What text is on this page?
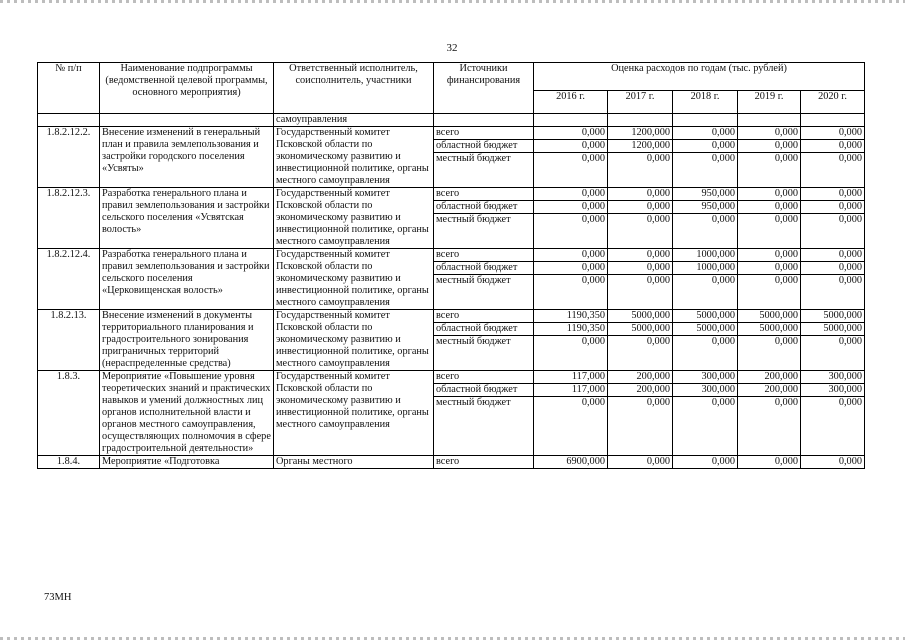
32
№ п/п	Наименование подпрограммы (ведомственной целевой программы, основного мероприятия)	Ответственный исполнитель, соисполнитель, участники	Источники финансирования	Оценка расходов по годам (тыс. рублей)				
				2016 г.	2017 г.	2018 г.	2019 г.	2020 г.
		самоуправления						
1.8.2.12.2.	Внесение изменений в генеральный план и правила землепользования и застройки городского поселения «Усвяты»	Государственный комитет Псковской области по экономическому развитию и инвестиционной политике, органы местного самоуправления	всего	0,000	1200,000	0,000	0,000	0,000
			областной бюджет	0,000	1200,000	0,000	0,000	0,000
			местный бюджет	0,000	0,000	0,000	0,000	0,000
1.8.2.12.3.	Разработка генерального плана и правил землепользования и застройки сельского поселения «Усвятская волость»	Государственный комитет Псковской области по экономическому развитию и инвестиционной политике, органы местного самоуправления	всего	0,000	0,000	950,000	0,000	0,000
			областной бюджет	0,000	0,000	950,000	0,000	0,000
			местный бюджет	0,000	0,000	0,000	0,000	0,000
1.8.2.12.4.	Разработка генерального плана и правил землепользования и застройки сельского поселения «Церковищенская волость»	Государственный комитет Псковской области по экономическому развитию и инвестиционной политике, органы местного самоуправления	всего	0,000	0,000	1000,000	0,000	0,000
			областной бюджет	0,000	0,000	1000,000	0,000	0,000
			местный бюджет	0,000	0,000	0,000	0,000	0,000
1.8.2.13.	Внесение изменений в документы территориального планирования и градостроительного зонирования приграничных территорий (нераспределенные средства)	Государственный комитет Псковской области по экономическому развитию и инвестиционной политике, органы местного самоуправления	всего	1190,350	5000,000	5000,000	5000,000	5000,000
			областной бюджет	1190,350	5000,000	5000,000	5000,000	5000,000
			местный бюджет	0,000	0,000	0,000	0,000	0,000
1.8.3.	Мероприятие «Повышение уровня теоретических знаний и практических навыков и умений должностных лиц органов исполнительной власти и органов местного самоуправления, осуществляющих полномочия в сфере градостроительной деятельности»	Государственный комитет Псковской области по экономическому развитию и инвестиционной политике, органы местного самоуправления	всего	117,000	200,000	300,000	200,000	300,000
			областной бюджет	117,000	200,000	300,000	200,000	300,000
			местный бюджет	0,000	0,000	0,000	0,000	0,000
1.8.4.	Мероприятие «Подготовка	Органы местного	всего	6900,000	0,000	0,000	0,000	0,000
73МН
